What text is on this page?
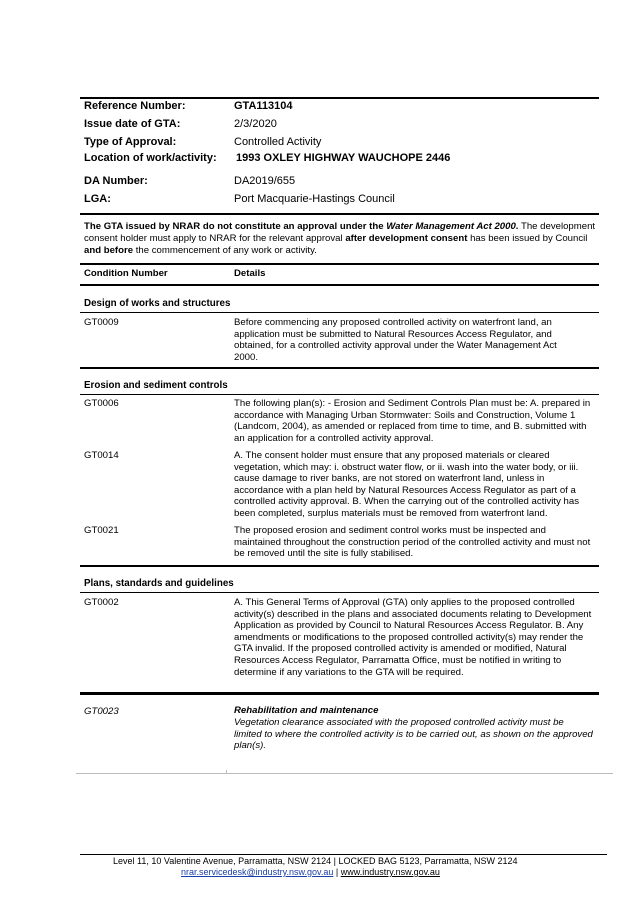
Reference Number:	GTA113104
Issue date of GTA:	2/3/2020
Type of Approval:	Controlled Activity
Location of work/activity: 1993 OXLEY HIGHWAY WAUCHOPE 2446
DA Number:	DA2019/655
LGA:	Port Macquarie-Hastings Council
The GTA issued by NRAR do not constitute an approval under the Water Management Act 2000. The development consent holder must apply to NRAR for the relevant approval after development consent has been issued by Council and before the commencement of any work or activity.
Condition Number	Details
Design of works and structures
GT0009	Before commencing any proposed controlled activity on waterfront land, an application must be submitted to Natural Resources Access Regulator, and obtained, for a controlled activity approval under the Water Management Act 2000.
Erosion and sediment controls
GT0006	The following plan(s): - Erosion and Sediment Controls Plan must be: A. prepared in accordance with Managing Urban Stormwater: Soils and Construction, Volume 1 (Landcom, 2004), as amended or replaced from time to time, and B. submitted with an application for a controlled activity approval.
GT0014	A. The consent holder must ensure that any proposed materials or cleared vegetation, which may: i. obstruct water flow, or ii. wash into the water body, or iii. cause damage to river banks, are not stored on waterfront land, unless in accordance with a plan held by Natural Resources Access Regulator as part of a controlled activity approval. B. When the carrying out of the controlled activity has been completed, surplus materials must be removed from waterfront land.
GT0021	The proposed erosion and sediment control works must be inspected and maintained throughout the construction period of the controlled activity and must not be removed until the site is fully stabilised.
Plans, standards and guidelines
GT0002	A. This General Terms of Approval (GTA) only applies to the proposed controlled activity(s) described in the plans and associated documents relating to Development Application as provided by Council to Natural Resources Access Regulator. B. Any amendments or modifications to the proposed controlled activity(s) may render the GTA invalid. If the proposed controlled activity is amended or modified, Natural Resources Access Regulator, Parramatta Office, must be notified in writing to determine if any variations to the GTA will be required.
GT0023	Rehabilitation and maintenance
Vegetation clearance associated with the proposed controlled activity must be limited to where the controlled activity is to be carried out, as shown on the approved plan(s).
Level 11, 10 Valentine Avenue, Parramatta, NSW 2124 | LOCKED BAG 5123, Parramatta, NSW 2124
nrar.servicedesk@industry.nsw.gov.au | www.industry.nsw.gov.au
